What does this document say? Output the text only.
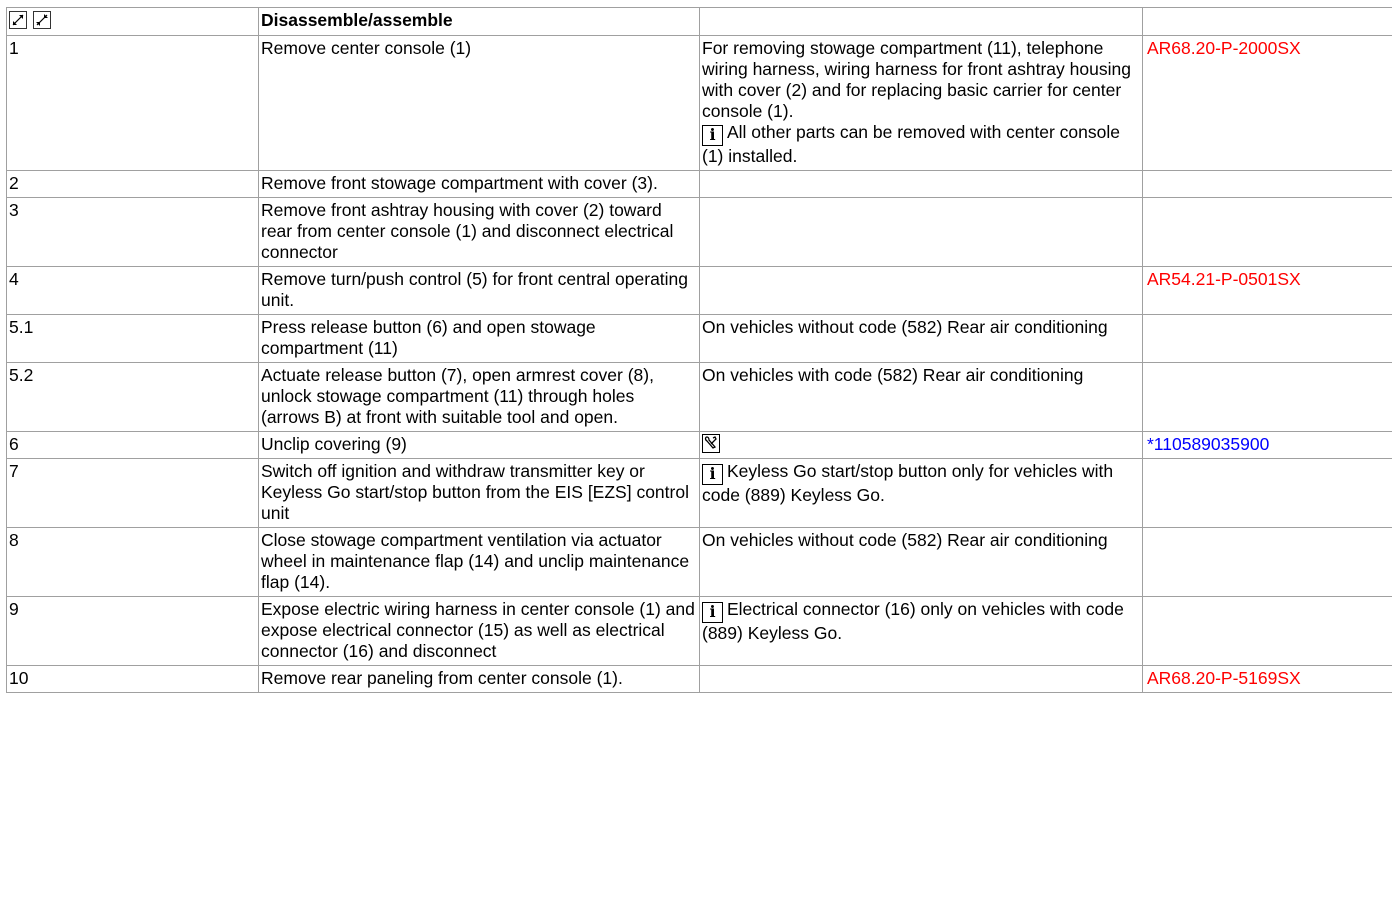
	Disassemble/assemble		
1	Remove center console (1)	For removing stowage compartment (11), telephone wiring harness, wiring harness for front ashtray housing with cover (2) and for replacing basic carrier for center console (1).
i All other parts can be removed with center console (1) installed.	AR68.20-P-2000SX
2	Remove front stowage compartment with cover (3).		
3	Remove front ashtray housing with cover (2) toward rear from center console (1) and disconnect electrical connector		
4	Remove turn/push control (5) for front central operating unit.		AR54.21-P-0501SX
5.1	Press release button (6) and open stowage compartment (11)	On vehicles without code (582) Rear air conditioning	
5.2	Actuate release button (7), open armrest cover (8), unlock stowage compartment (11) through holes (arrows B) at front with suitable tool and open.	On vehicles with code (582) Rear air conditioning	
6	Unclip covering (9)		*110589035900
7	Switch off ignition and withdraw transmitter key or Keyless Go start/stop button from the EIS [EZS] control unit	i Keyless Go start/stop button only for vehicles with code (889) Keyless Go.	
8	Close stowage compartment ventilation via actuator wheel in maintenance flap (14) and unclip maintenance flap (14).	On vehicles without code (582) Rear air conditioning	
9	Expose electric wiring harness in center console (1) and expose electrical connector (15) as well as electrical connector (16) and disconnect	i Electrical connector (16) only on vehicles with code (889) Keyless Go.	
10	Remove rear paneling from center console (1).		AR68.20-P-5169SX
